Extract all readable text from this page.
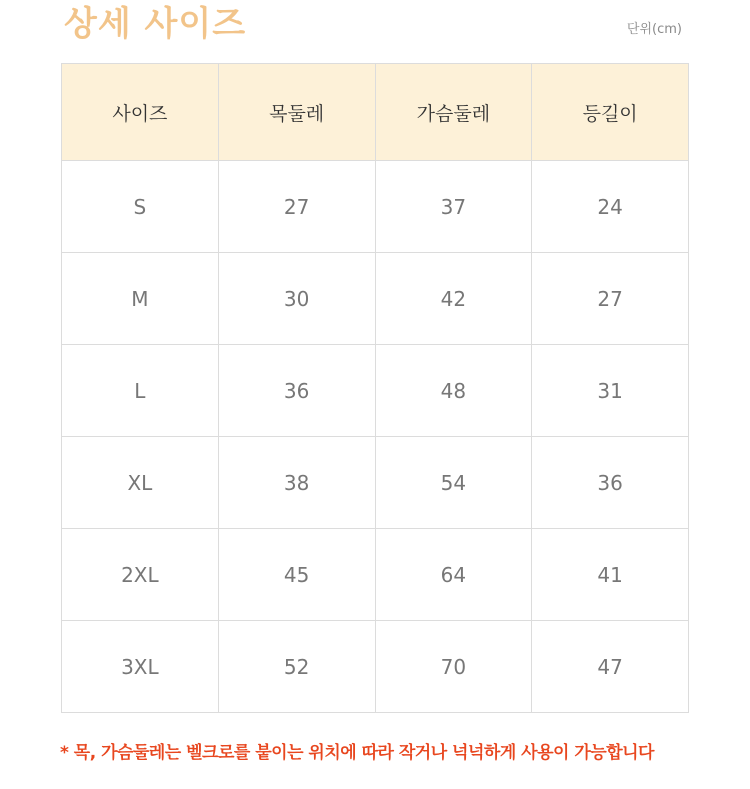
상세 사이즈	단위(cm)
사이즈	목둘레	가슴둘레	등길이
S	27	37	24
M	30	42	27
L	36	48	31
XL	38	54	36
2XL	45	64	41
3XL	52	70	47
* 목, 가슴둘레는 벨크로를 붙이는 위치에 따라 작거나 넉넉하게 사용이 가능합니다
